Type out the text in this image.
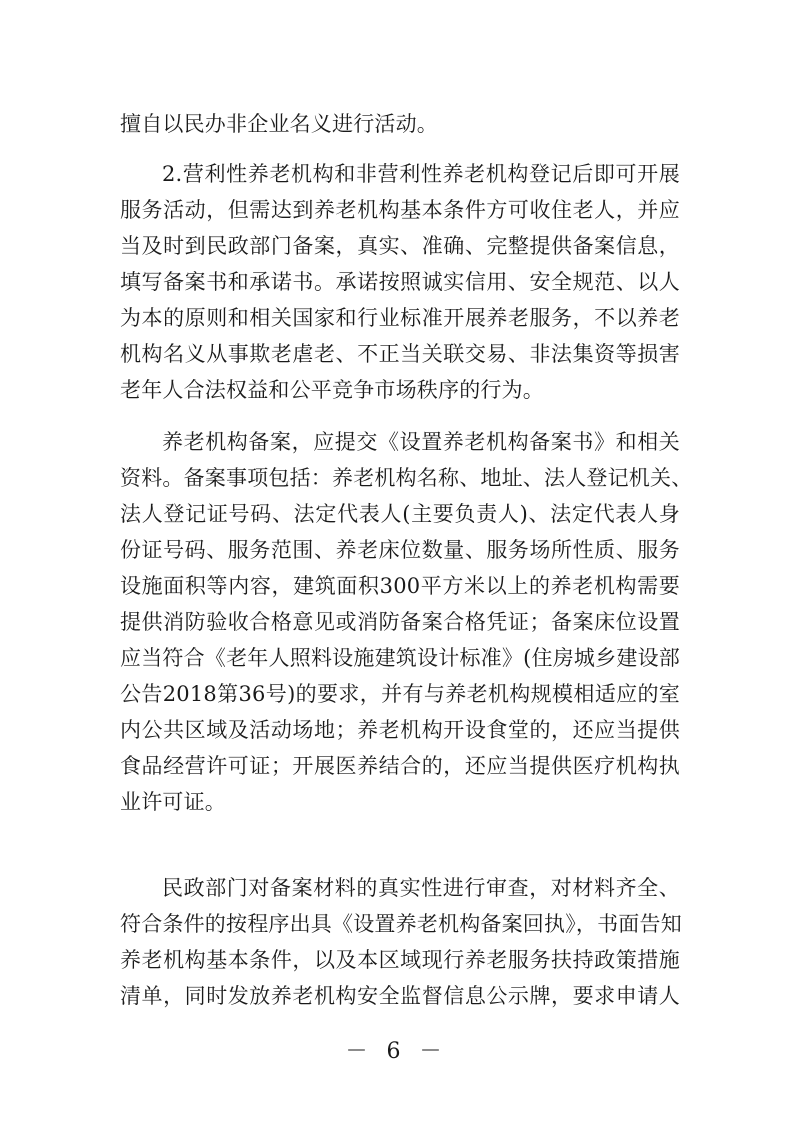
擅自以民办非企业名义进行活动。
2.营利性养老机构和非营利性养老机构登记后即可开展
服务活动，但需达到养老机构基本条件方可收住老人，并应
当及时到民政部门备案，真实、准确、完整提供备案信息，
填写备案书和承诺书。承诺按照诚实信用、安全规范、以人
为本的原则和相关国家和行业标准开展养老服务，不以养老
机构名义从事欺老虐老、不正当关联交易、非法集资等损害
老年人合法权益和公平竞争市场秩序的行为。
养老机构备案，应提交《设置养老机构备案书》和相关
资料。备案事项包括：养老机构名称、地址、法人登记机关、
法人登记证号码、法定代表人(主要负责人)、法定代表人身
份证号码、服务范围、养老床位数量、服务场所性质、服务
设施面积等内容，建筑面积300平方米以上的养老机构需要
提供消防验收合格意见或消防备案合格凭证；备案床位设置
应当符合《老年人照料设施建筑设计标准》(住房城乡建设部
公告2018第36号)的要求，并有与养老机构规模相适应的室
内公共区域及活动场地；养老机构开设食堂的，还应当提供
食品经营许可证；开展医养结合的，还应当提供医疗机构执
业许可证。
民政部门对备案材料的真实性进行审查，对材料齐全、
符合条件的按程序出具《设置养老机构备案回执》，书面告知
养老机构基本条件，以及本区域现行养老服务扶持政策措施
清单，同时发放养老机构安全监督信息公示牌，要求申请人
－ 6 －
